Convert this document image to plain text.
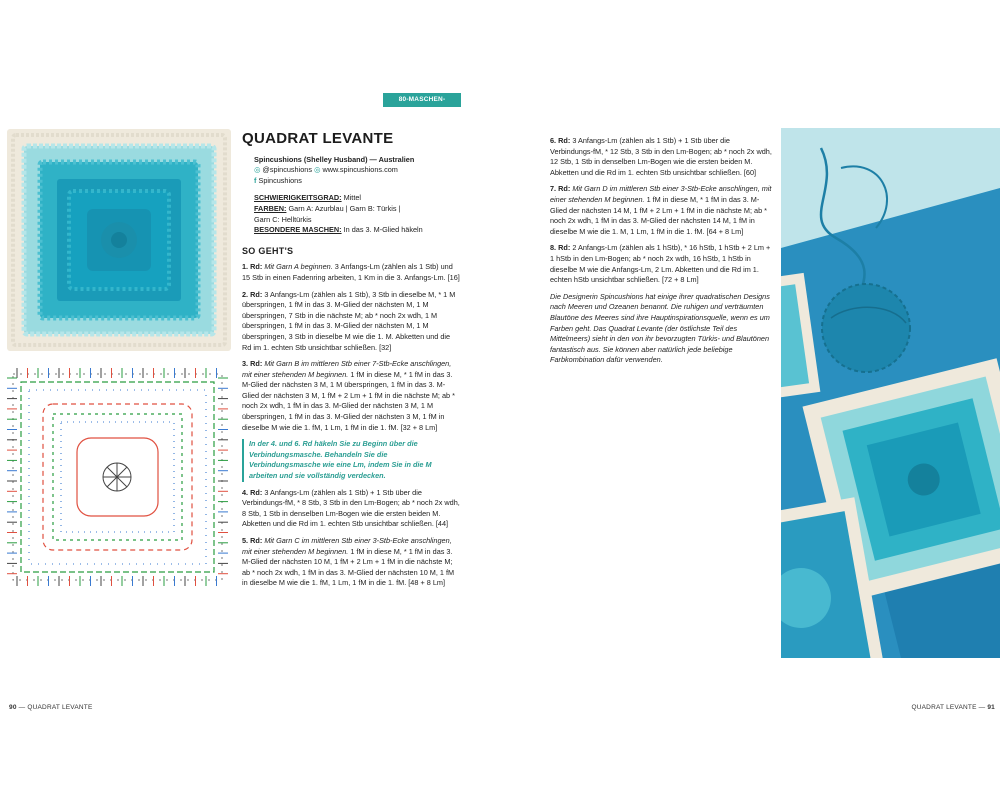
80-MASCHEN-QUADRAT
QUADRAT LEVANTE
Spincushions (Shelley Husband) — Australien
◎ @spincushions ◎ www.spincushions.com
f Spincushions
SCHWIERIGKEITSGRAD: Mittel
FARBEN: Garn A: Azurblau | Garn B: Türkis |
Garn C: Helltürkis
BESONDERE MASCHEN: In das 3. M-Glied häkeln
SO GEHT'S

1. Rd: Mit Garn A beginnen. 3 Anfangs-Lm (zählen als 1 Stb) und 15 Stb in einen Fadenring arbeiten, 1 Km in die 3. Anfangs-Lm. [16]

2. Rd: 3 Anfangs-Lm (zählen als 1 Stb), 3 Stb in dieselbe M, * 1 M überspringen, 1 fM in das 3. M-Glied der nächsten M, 1 M überspringen, 7 Stb in die nächste M; ab * noch 2x wdh, 1 M überspringen, 1 fM in das 3. M-Glied der nächsten M, 1 M überspringen, 3 Stb in dieselbe M wie die 1. M. Abketten und die Rd im 1. echten Stb unsichtbar schließen. [32]

3. Rd: Mit Garn B im mittleren Stb einer 7-Stb-Ecke anschlingen, mit einer stehenden M beginnen. 1 fM in diese M, * 1 fM in das 3. M-Glied der nächsten 3 M, 1 M überspringen, 1 fM in das 3. M-Glied der nächsten 3 M, 1 fM + 2 Lm + 1 fM in die nächste M; ab * noch 2x wdh, 1 fM in das 3. M-Glied der nächsten 3 M, 1 M überspringen, 1 fM in das 3. M-Glied der nächsten 3 M, 1 fM in dieselbe M wie die 1. fM, 1 Lm, 1 fM in die 1. fM. [32 + 8 Lm]

In der 4. und 6. Rd häkeln Sie zu Beginn über die Verbindungsmasche. Behandeln Sie die Verbindungsmasche wie eine Lm, indem Sie in die M arbeiten und sie vollständig verdecken.

4. Rd: 3 Anfangs-Lm (zählen als 1 Stb) + 1 Stb über die Verbindungs-fM, * 8 Stb, 3 Stb in den Lm-Bogen; ab * noch 2x wdh, 8 Stb, 1 Stb in denselben Lm-Bogen wie die ersten beiden M. Abketten und die Rd im 1. echten Stb unsichtbar schließen. [44]

5. Rd: Mit Garn C im mittleren Stb einer 3-Stb-Ecke anschlingen, mit einer stehenden M beginnen. 1 fM in diese M, * 1 fM in das 3. M-Glied der nächsten 10 M, 1 fM + 2 Lm + 1 fM in die nächste M; ab * noch 2x wdh, 1 fM in das 3. M-Glied der nächsten 10 M, 1 fM in dieselbe M wie die 1. fM, 1 Lm, 1 fM in die 1. fM. [48 + 8 Lm]

6. Rd: 3 Anfangs-Lm (zählen als 1 Stb) + 1 Stb über die Verbindungs-fM, * 12 Stb, 3 Stb in den Lm-Bogen; ab * noch 2x wdh, 12 Stb, 1 Stb in denselben Lm-Bogen wie die ersten beiden M. Abketten und die Rd im 1. echten Stb unsichtbar schließen. [60]

7. Rd: Mit Garn D im mittleren Stb einer 3-Stb-Ecke anschlingen, mit einer stehenden M beginnen. 1 fM in diese M, * 1 fM in das 3. M-Glied der nächsten 14 M, 1 fM + 2 Lm + 1 fM in die nächste M; ab * noch 2x wdh, 1 fM in das 3. M-Glied der nächsten 14 M, 1 fM in dieselbe M wie die 1. M, 1 Lm, 1 fM in die 1. fM. [64 + 8 Lm]

8. Rd: 2 Anfangs-Lm (zählen als 1 hStb), * 16 hStb, 1 hStb + 2 Lm + 1 hStb in den Lm-Bogen; ab * noch 2x wdh, 16 hStb, 1 hStb in dieselbe M wie die Anfangs-Lm, 2 Lm. Abketten und die Rd im 1. echten hStb unsichtbar schließen. [72 + 8 Lm]

Die Designerin Spincushions hat einige ihrer quadratischen Designs nach Meeren und Ozeanen benannt. Die ruhigen und verträumten Blautöne des Meeres sind ihre Hauptinspirationsquelle, wenn es um Farben geht. Das Quadrat Levante (der östlichste Teil des Mittelmeers) sieht in den von ihr bevorzugten Türkis- und Blautönen fantastisch aus. Sie können aber natürlich jede beliebige Farbkombination dafür verwenden.

90 — QUADRAT LEVANTE	QUADRAT LEVANTE — 91
